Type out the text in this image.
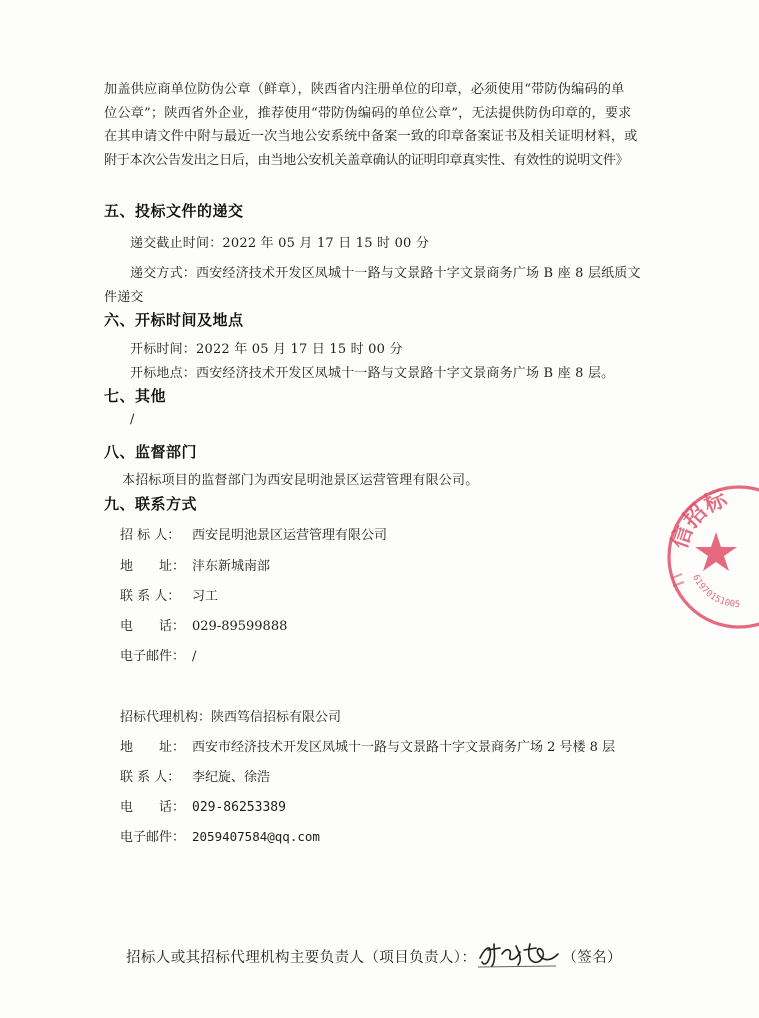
加盖供应商单位防伪公章（鲜章），陕西省内注册单位的印章，必须使用“带防伪编码的单
位公章”；陕西省外企业，推荐使用“带防伪编码的单位公章”，无法提供防伪印章的，要求
在其申请文件中附与最近一次当地公安系统中备案一致的印章备案证书及相关证明材料，或
附于本次公告发出之日后，由当地公安机关盖章确认的证明印章真实性、有效性的说明文件》
五、投标文件的递交
递交截止时间：2022 年 05 月 17 日 15 时 00 分
递交方式：西安经济技术开发区凤城十一路与文景路十字文景商务广场 B 座 8 层纸质文
件递交
六、开标时间及地点
开标时间：2022 年 05 月 17 日 15 时 00 分
开标地点：西安经济技术开发区凤城十一路与文景路十字文景商务广场 B 座 8 层。
七、其他
/
八、监督部门
本招标项目的监督部门为西安昆明池景区运营管理有限公司。
九、联系方式
招 标 人： 西安昆明池景区运营管理有限公司
地　　址： 沣东新城南部
联 系 人： 习工
电　　话： 029-89599888
电子邮件： /
招标代理机构：陕西笃信招标有限公司
地　　址： 西安市经济技术开发区凤城十一路与文景路十字文景商务广场 2 号楼 8 层
联 系 人： 李纪旋、徐浩
电　　话： 029-86253389
电子邮件： 2059407584@qq.com
信招标
61970151005
招标人或其招标代理机构主要负责人（项目负责人）：	（签名）
